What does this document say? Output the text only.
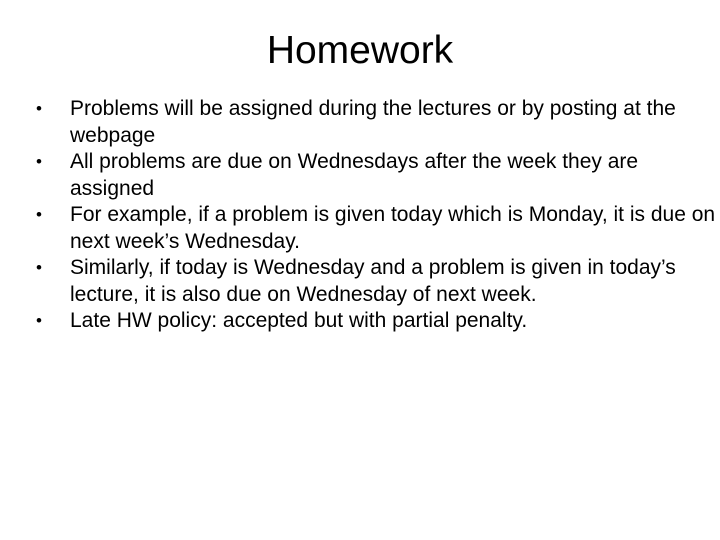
Homework
•	Problems will be assigned during the lectures or by posting at the webpage
•	All problems are due on Wednesdays after the week they are assigned
•	For example, if a problem is given today which is Monday, it is due on next week’s Wednesday.
•	Similarly, if today is Wednesday and a problem is given in today’s lecture, it is also due on Wednesday of next week.
•	Late HW policy: accepted but with partial penalty.
